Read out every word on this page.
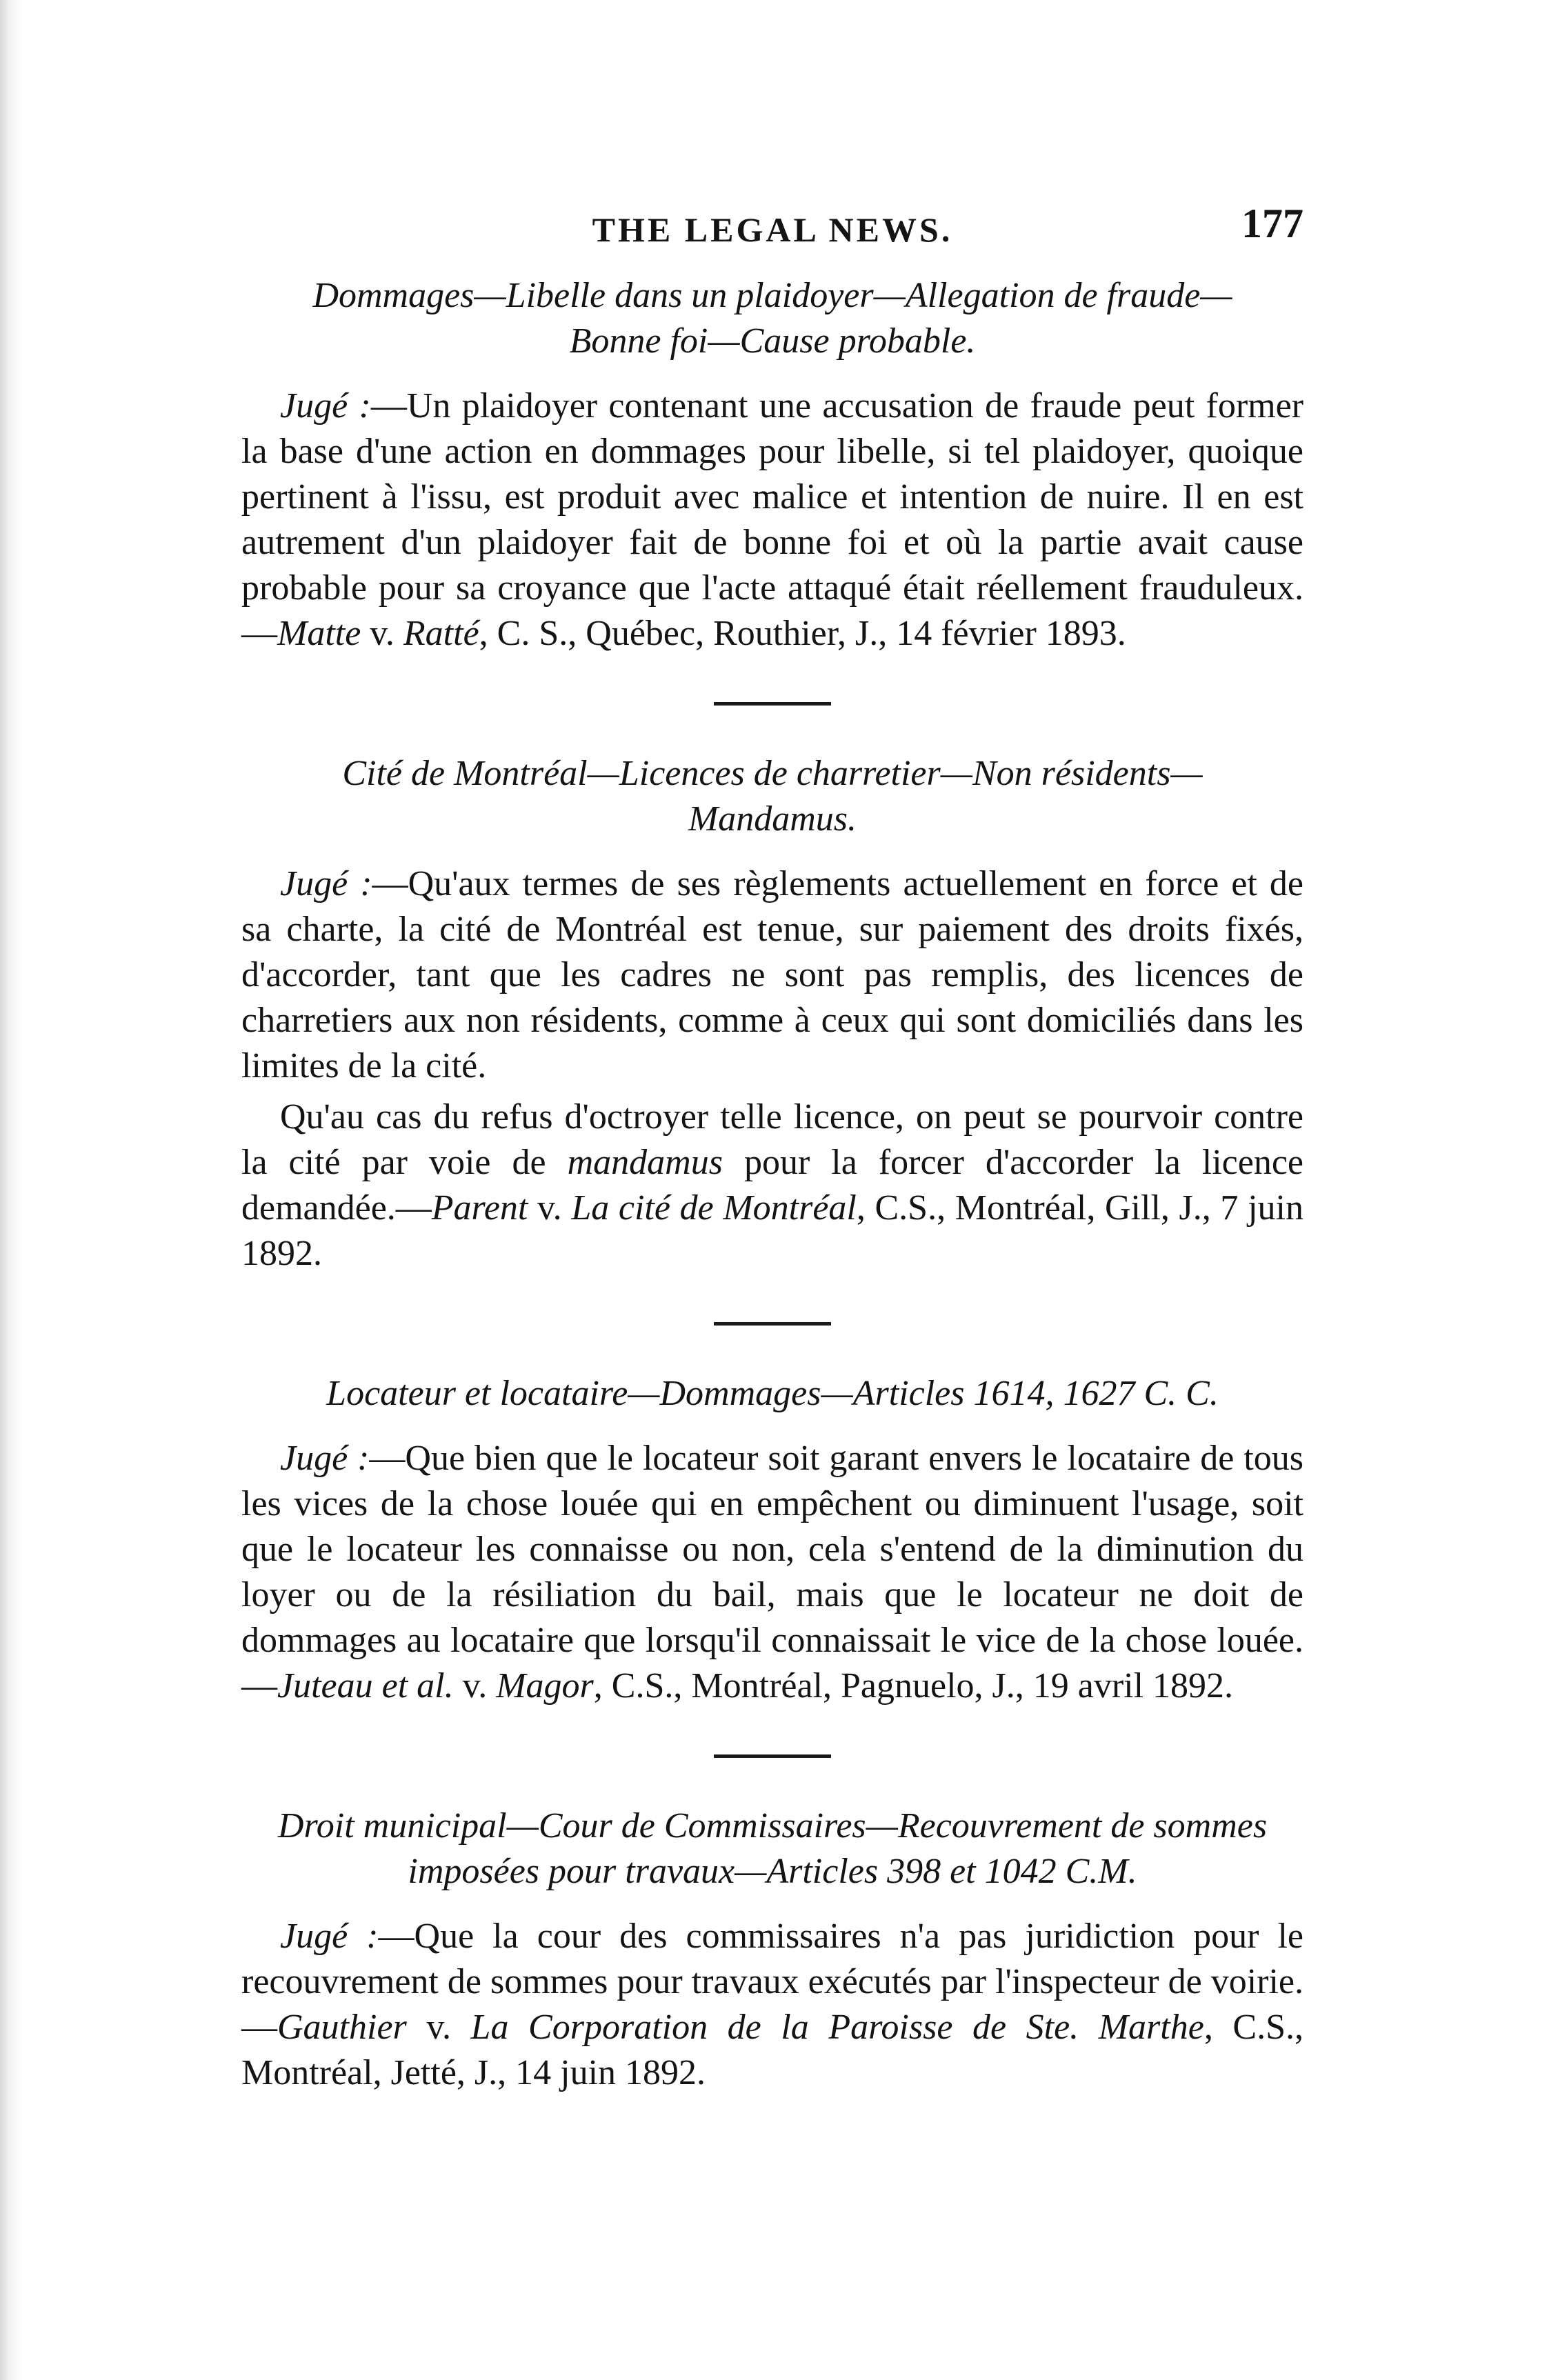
THE LEGAL NEWS.	177
Dommages—Libelle dans un plaidoyer—Allegation de fraude—
Bonne foi—Cause probable.

Jugé :—Un plaidoyer contenant une accusation de fraude peut former la base d'une action en dommages pour libelle, si tel plaidoyer, quoique pertinent à l'issu, est produit avec malice et intention de nuire. Il en est autrement d'un plaidoyer fait de bonne foi et où la partie avait cause probable pour sa croyance que l'acte attaqué était réellement frauduleux.—Matte v. Ratté, C. S., Québec, Routhier, J., 14 février 1893.

Cité de Montréal—Licences de charretier—Non résidents—
Mandamus.

Jugé :—Qu'aux termes de ses règlements actuellement en force et de sa charte, la cité de Montréal est tenue, sur paiement des droits fixés, d'accorder, tant que les cadres ne sont pas remplis, des licences de charretiers aux non résidents, comme à ceux qui sont domiciliés dans les limites de la cité.

Qu'au cas du refus d'octroyer telle licence, on peut se pourvoir contre la cité par voie de mandamus pour la forcer d'accorder la licence demandée.—Parent v. La cité de Montréal, C.S., Montréal, Gill, J., 7 juin 1892.

Locateur et locataire—Dommages—Articles 1614, 1627 C. C.

Jugé :—Que bien que le locateur soit garant envers le locataire de tous les vices de la chose louée qui en empêchent ou diminuent l'usage, soit que le locateur les connaisse ou non, cela s'entend de la diminution du loyer ou de la résiliation du bail, mais que le locateur ne doit de dommages au locataire que lorsqu'il connaissait le vice de la chose louée.—Juteau et al. v. Magor, C.S., Montréal, Pagnuelo, J., 19 avril 1892.

Droit municipal—Cour de Commissaires—Recouvrement de sommes
imposées pour travaux—Articles 398 et 1042 C.M.

Jugé :—Que la cour des commissaires n'a pas juridiction pour le recouvrement de sommes pour travaux exécutés par l'inspecteur de voirie.—Gauthier v. La Corporation de la Paroisse de Ste. Marthe, C.S., Montréal, Jetté, J., 14 juin 1892.
